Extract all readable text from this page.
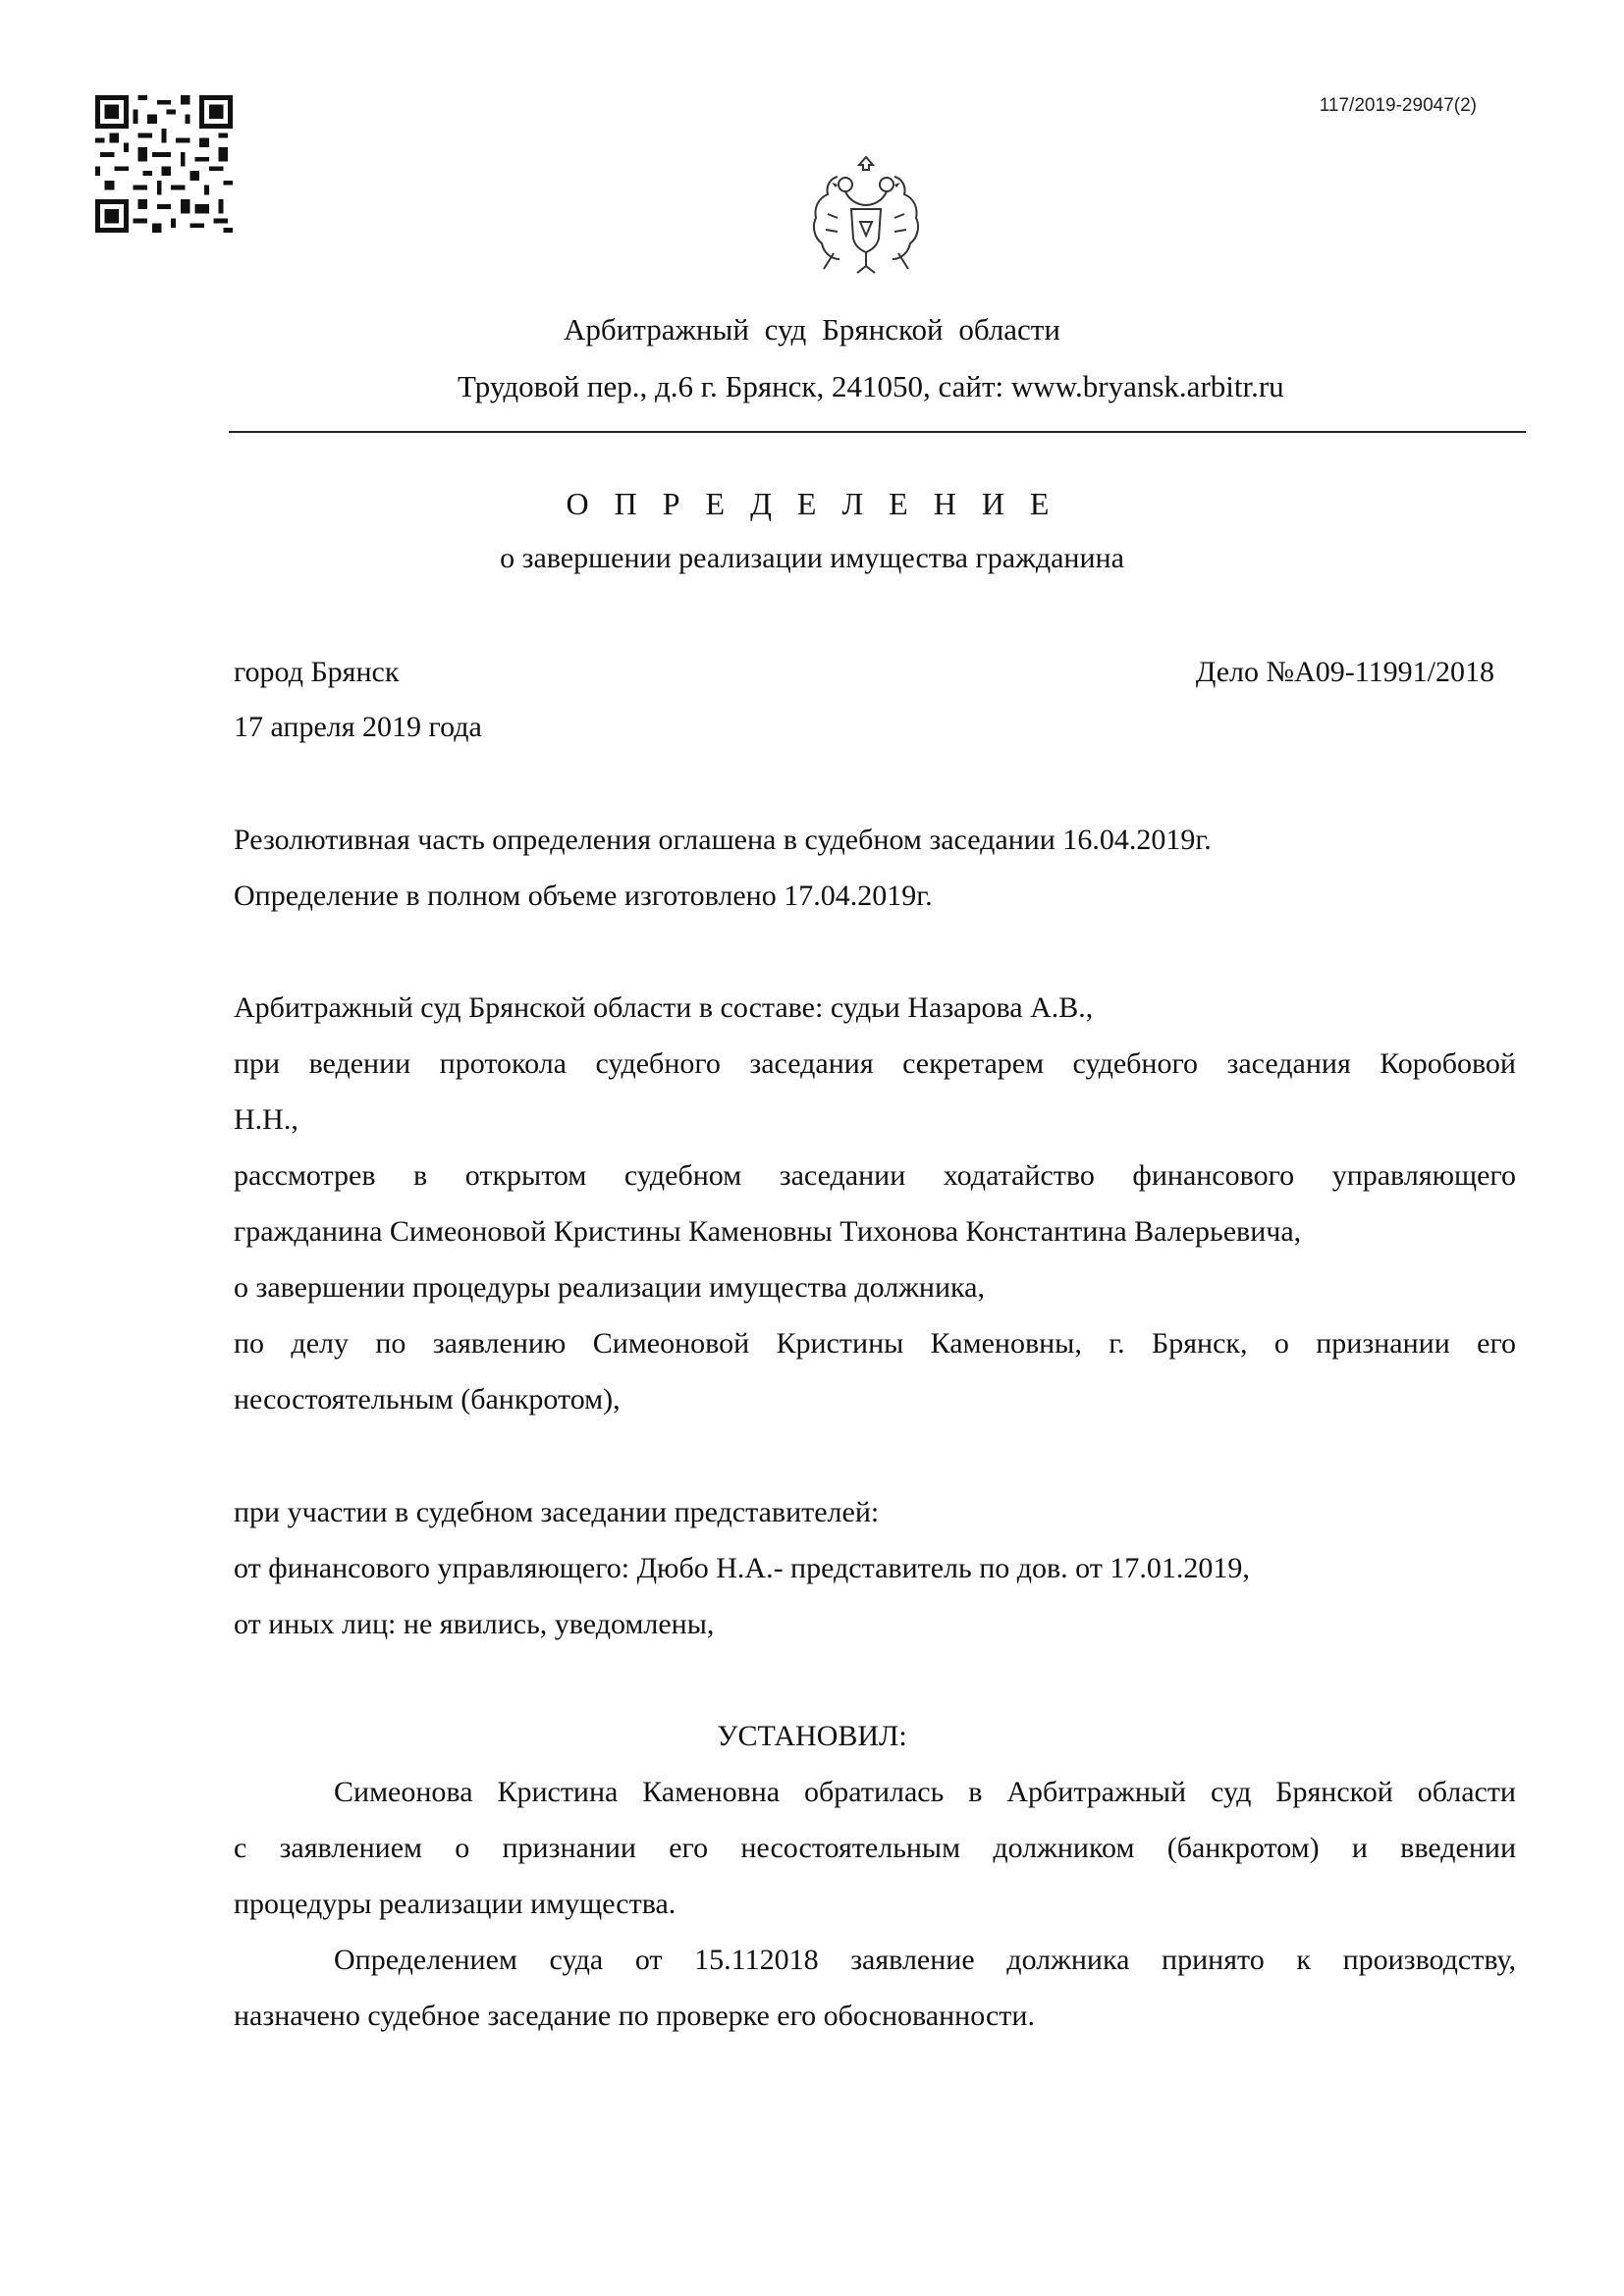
117/2019-29047(2)
Арбитражный суд Брянской области
Трудовой пер., д.6 г. Брянск, 241050, сайт: www.bryansk.arbitr.ru
О П Р Е Д Е Л Е Н И Е
о завершении реализации имущества гражданина
город Брянск	Дело №А09-11991/2018
17 апреля 2019 года
Резолютивная часть определения оглашена в судебном заседании 16.04.2019г.
Определение в полном объеме изготовлено 17.04.2019г.
Арбитражный суд Брянской области в составе: судьи Назарова А.В.,
при ведении протокола судебного заседания секретарем судебного заседания Коробовой
Н.Н.,
рассмотрев в открытом судебном заседании ходатайство финансового управляющего
гражданина Симеоновой Кристины Каменовны Тихонова Константина Валерьевича,
о завершении процедуры реализации имущества должника,
по делу по заявлению Симеоновой Кристины Каменовны, г. Брянск, о признании его
несостоятельным (банкротом),
при участии в судебном заседании представителей:
от финансового управляющего: Дюбо Н.А.- представитель по дов. от 17.01.2019,
от иных лиц: не явились, уведомлены,
УСТАНОВИЛ:
Симеонова Кристина Каменовна обратилась в Арбитражный суд Брянской области
с заявлением о признании его несостоятельным должником (банкротом) и введении
процедуры реализации имущества.
Определением суда от 15.112018 заявление должника принято к производству,
назначено судебное заседание по проверке его обоснованности.
